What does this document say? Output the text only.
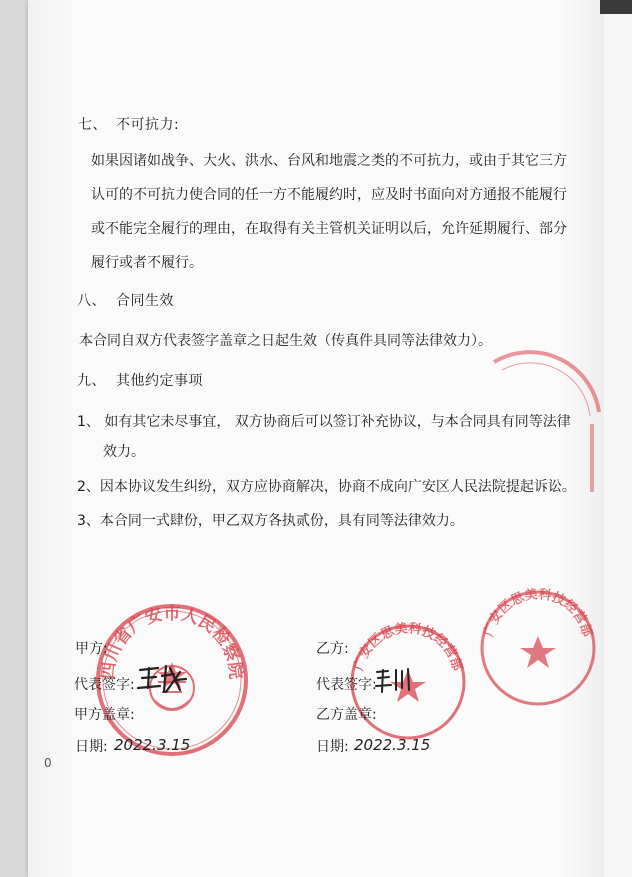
七、 不可抗力:
如果因诸如战争、大火、洪水、台风和地震之类的不可抗力，或由于其它三方
认可的不可抗力使合同的任一方不能履约时，应及时书面向对方通报不能履行
或不能完全履行的理由，在取得有关主管机关证明以后，允许延期履行、部分
履行或者不履行。
八、 合同生效
本合同自双方代表签字盖章之日起生效（传真件具同等法律效力）。
九、 其他约定事项
1、 如有其它未尽事宜， 双方协商后可以签订补充协议，与本合同具有同等法律
效力。
2、因本协议发生纠纷，双方应协商解决，协商不成向广安区人民法院提起诉讼。
3、本合同一式肆份，甲乙双方各执贰份，具有同等法律效力。
四川省广安市人民检察院	广安区思美科技经营部
广安区思美科技经营部
甲方:
代表签字:
甲方盖章:
日期: 2022.3.15
乙方:
代表签字:
乙方盖章:
日期: 2022.3.15
0
